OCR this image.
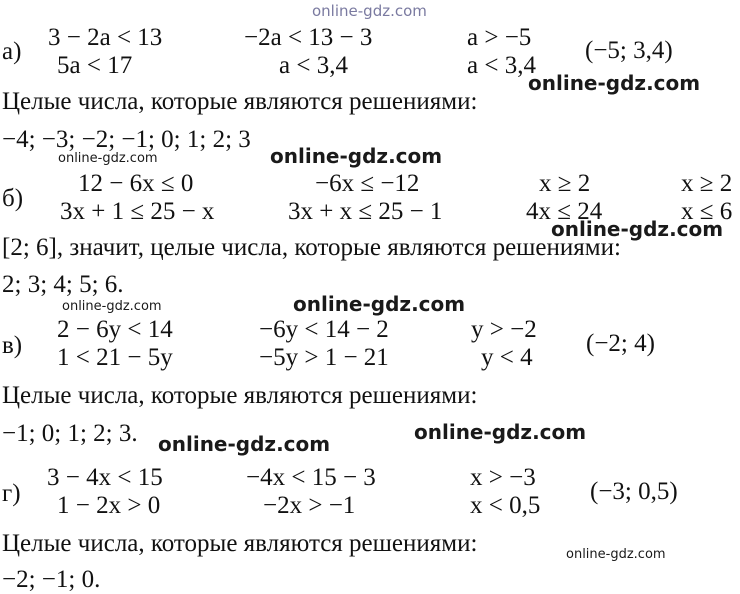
online-gdz.com
online-gdz.com
online-gdz.com	online-gdz.com
online-gdz.com
online-gdz.com	online-gdz.com
online-gdz.com
online-gdz.com
online-gdz.com
а)
3 − 2a < 13
5a < 17
−2a < 13 − 3
a < 3,4
a > −5
a < 3,4
(−5; 3,4)
Целые числа, которые являются решениями:
−4; −3; −2; −1; 0; 1; 2; 3
б)
12 − 6x ≤ 0
3x + 1 ≤ 25 − x
−6x ≤ −12
3x + x ≤ 25 − 1
x ≥ 2
4x ≤ 24
x ≥ 2
x ≤ 6
[2; 6], значит, целые числа, которые являются решениями:
2; 3; 4; 5; 6.
в)
2 − 6y < 14
1 < 21 − 5y
−6y < 14 − 2
−5y > 1 − 21
y > −2
y < 4
(−2; 4)
Целые числа, которые являются решениями:
−1; 0; 1; 2; 3.
г)
3 − 4x < 15
1 − 2x > 0
−4x < 15 − 3
−2x > −1
x > −3
x < 0,5
(−3; 0,5)
Целые числа, которые являются решениями:
−2; −1; 0.
